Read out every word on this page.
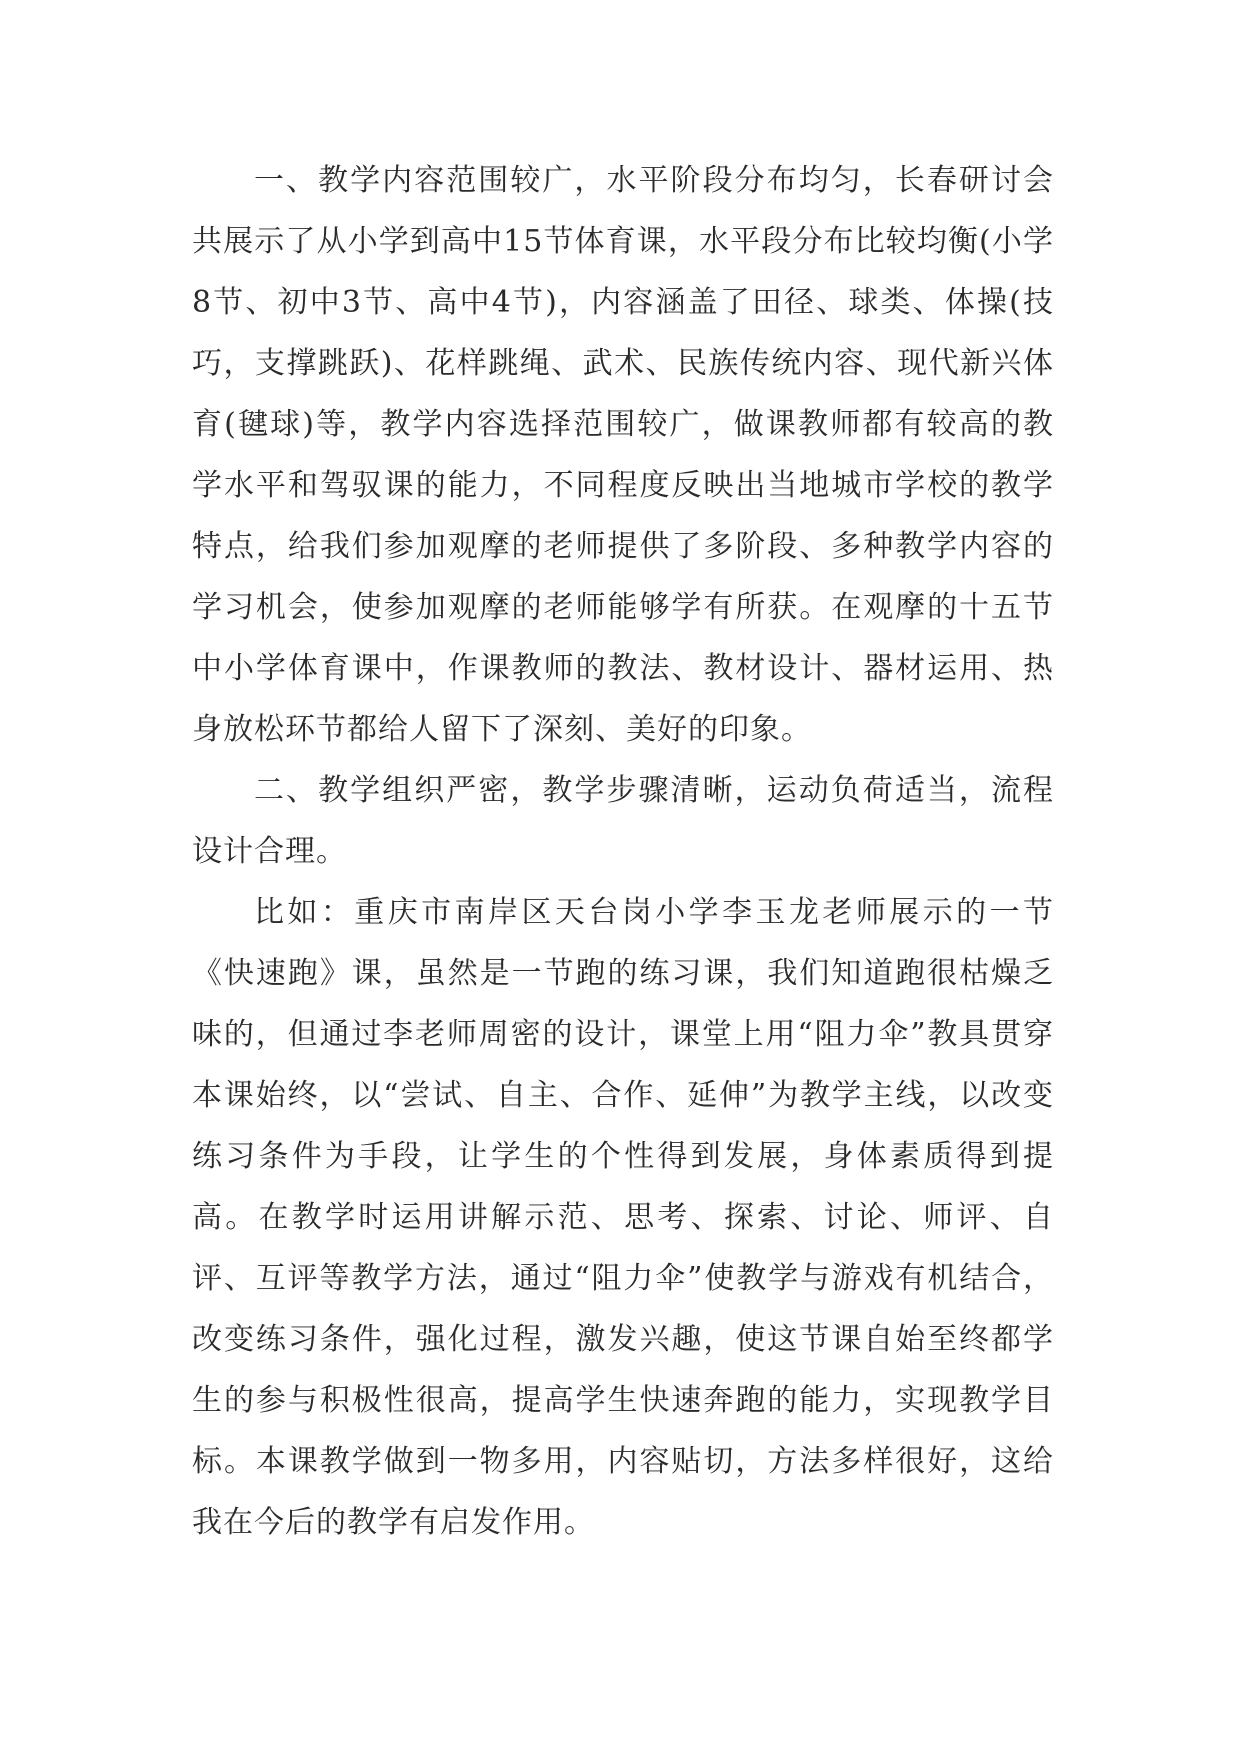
一、教学内容范围较广，水平阶段分布均匀，长春研讨会共展示了从小学到高中15节体育课，水平段分布比较均衡(小学8节、初中3节、高中4节)，内容涵盖了田径、球类、体操(技巧，支撑跳跃)、花样跳绳、武术、民族传统内容、现代新兴体育(毽球)等，教学内容选择范围较广，做课教师都有较高的教学水平和驾驭课的能力，不同程度反映出当地城市学校的教学特点，给我们参加观摩的老师提供了多阶段、多种教学内容的学习机会，使参加观摩的老师能够学有所获。在观摩的十五节中小学体育课中，作课教师的教法、教材设计、器材运用、热身放松环节都给人留下了深刻、美好的印象。

二、教学组织严密，教学步骤清晰，运动负荷适当，流程设计合理。

比如：重庆市南岸区天台岗小学李玉龙老师展示的一节《快速跑》课，虽然是一节跑的练习课，我们知道跑很枯燥乏味的，但通过李老师周密的设计，课堂上用“阻力伞”教具贯穿本课始终，以“尝试、自主、合作、延伸”为教学主线，以改变练习条件为手段，让学生的个性得到发展，身体素质得到提高。在教学时运用讲解示范、思考、探索、讨论、师评、自评、互评等教学方法，通过“阻力伞”使教学与游戏有机结合，改变练习条件，强化过程，激发兴趣，使这节课自始至终都学生的参与积极性很高，提高学生快速奔跑的能力，实现教学目标。本课教学做到一物多用，内容贴切，方法多样很好，这给我在今后的教学有启发作用。
